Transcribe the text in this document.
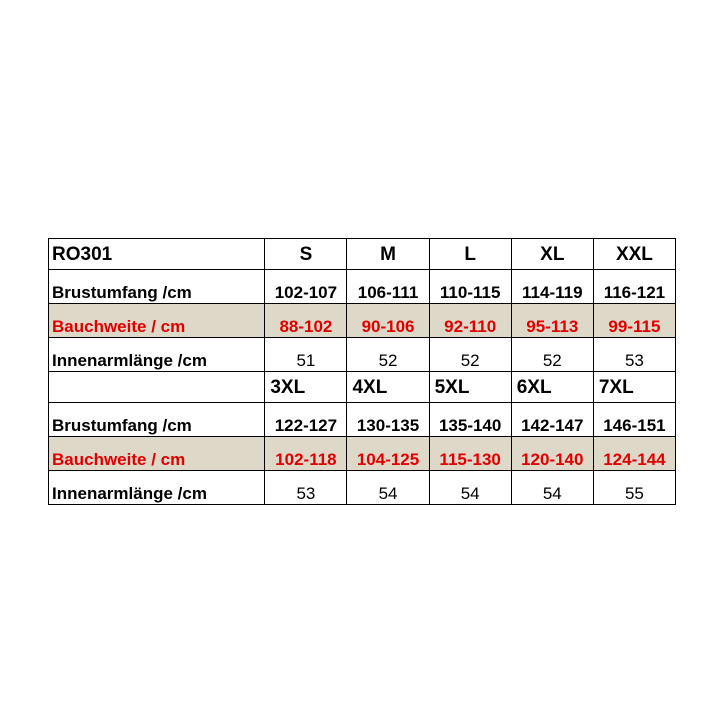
RO301	S	M	L	XL	XXL
Brustumfang /cm	102-107	106-111	110-115	114-119	116-121
Bauchweite / cm	88-102	90-106	92-110	95-113	99-115
Innenarmlänge /cm	51	52	52	52	53
	3XL	4XL	5XL	6XL	7XL
Brustumfang /cm	122-127	130-135	135-140	142-147	146-151
Bauchweite / cm	102-118	104-125	115-130	120-140	124-144
Innenarmlänge /cm	53	54	54	54	55
